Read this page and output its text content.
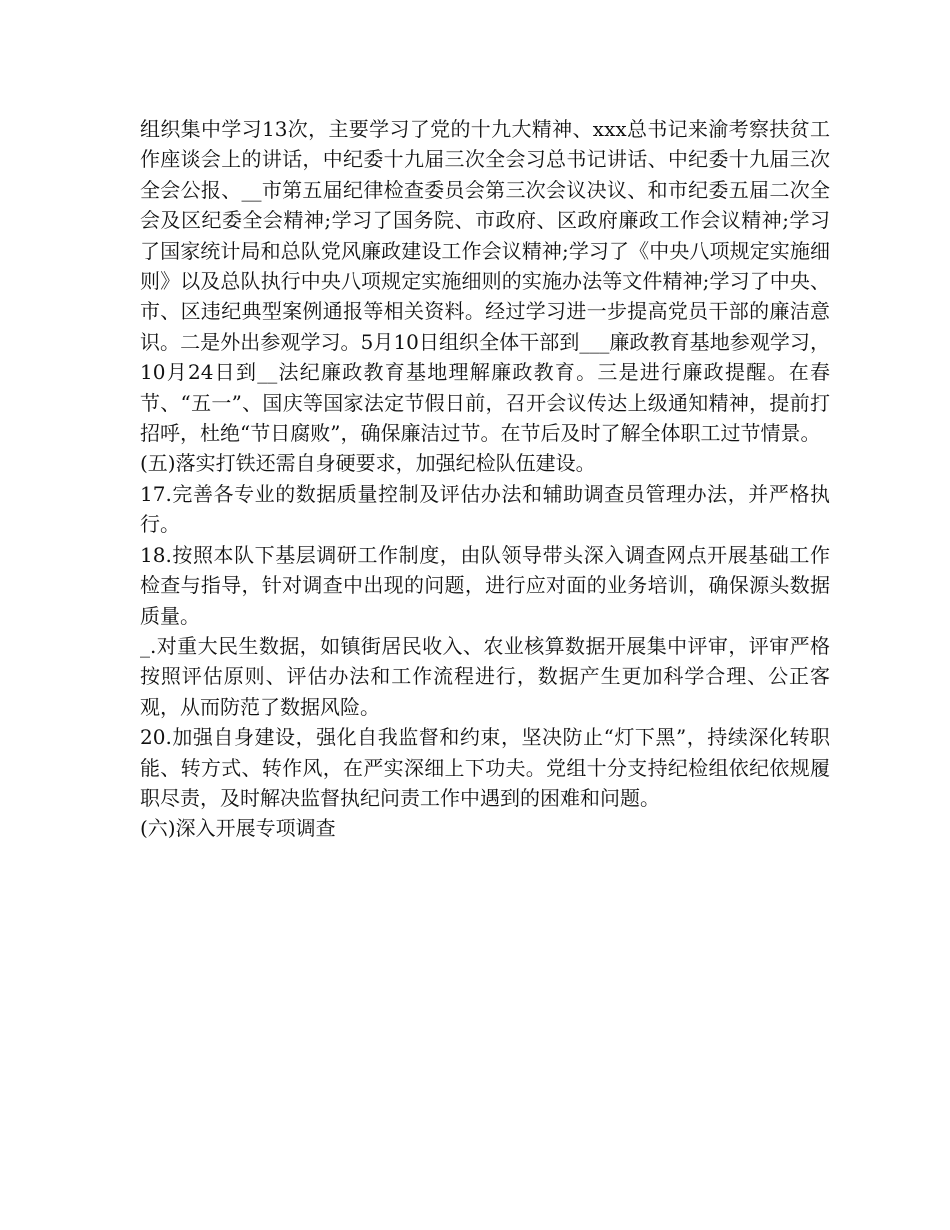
组织集中学习13次，主要学习了党的十九大精神、xxx总书记来渝考察扶贫工作座谈会上的讲话，中纪委十九届三次全会习总书记讲话、中纪委十九届三次全会公报、__市第五届纪律检查委员会第三次会议决议、和市纪委五届二次全会及区纪委全会精神;学习了国务院、市政府、区政府廉政工作会议精神;学习了国家统计局和总队党风廉政建设工作会议精神;学习了《中央八项规定实施细则》以及总队执行中央八项规定实施细则的实施办法等文件精神;学习了中央、市、区违纪典型案例通报等相关资料。经过学习进一步提高党员干部的廉洁意识。二是外出参观学习。5月10日组织全体干部到___廉政教育基地参观学习，10月24日到__法纪廉政教育基地理解廉政教育。三是进行廉政提醒。在春节、“五一”、国庆等国家法定节假日前，召开会议传达上级通知精神，提前打招呼，杜绝“节日腐败”，确保廉洁过节。在节后及时了解全体职工过节情景。

(五)落实打铁还需自身硬要求，加强纪检队伍建设。

17.完善各专业的数据质量控制及评估办法和辅助调查员管理办法，并严格执行。

18.按照本队下基层调研工作制度，由队领导带头深入调查网点开展基础工作检查与指导，针对调查中出现的问题，进行应对面的业务培训，确保源头数据质量。

_.对重大民生数据，如镇街居民收入、农业核算数据开展集中评审，评审严格按照评估原则、评估办法和工作流程进行，数据产生更加科学合理、公正客观，从而防范了数据风险。

20.加强自身建设，强化自我监督和约束，坚决防止“灯下黑”，持续深化转职能、转方式、转作风，在严实深细上下功夫。党组十分支持纪检组依纪依规履职尽责，及时解决监督执纪问责工作中遇到的困难和问题。

(六)深入开展专项调查
